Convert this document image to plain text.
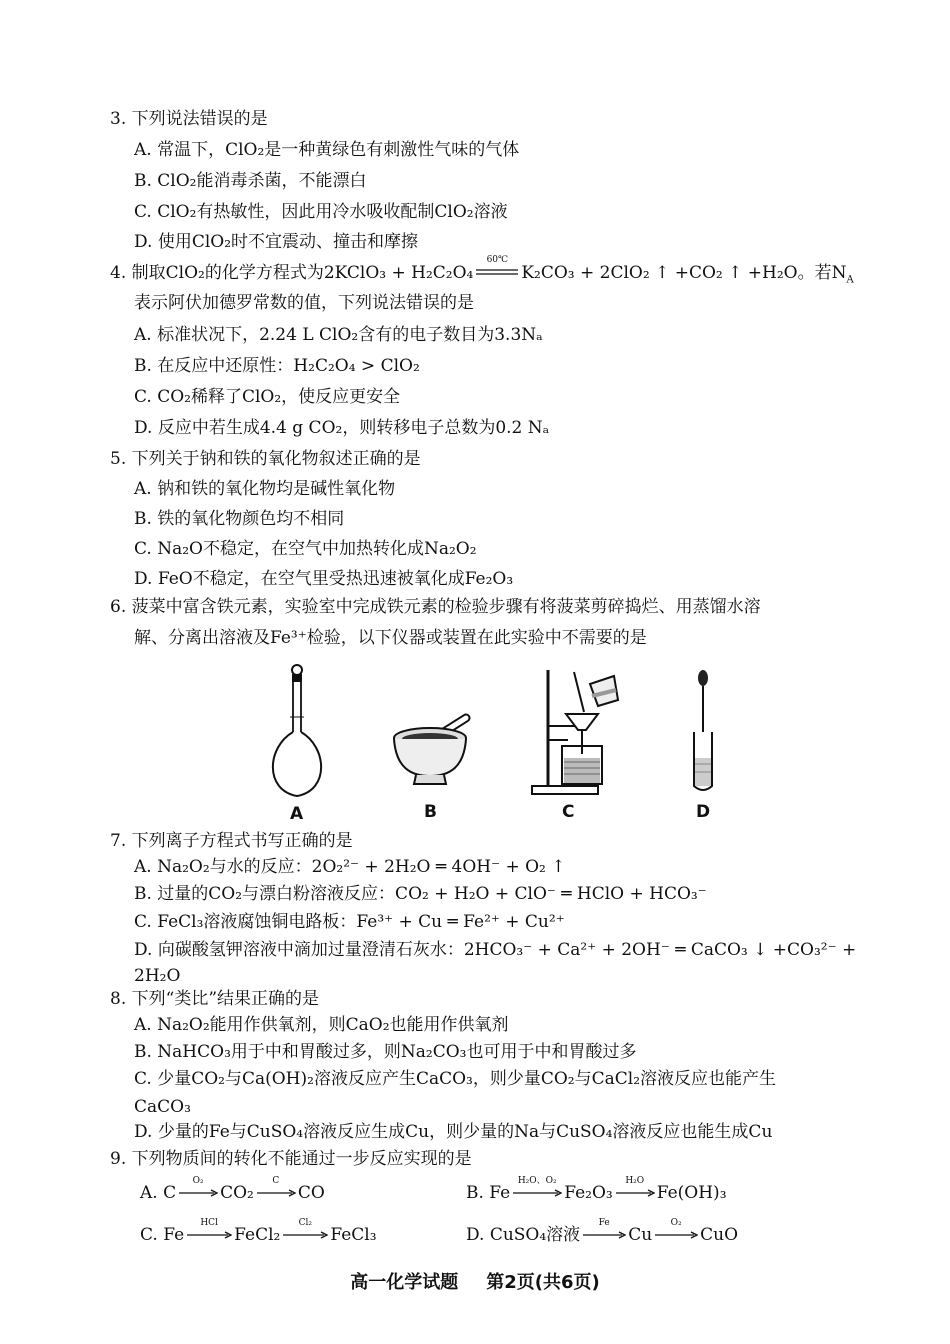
3. 下列说法错误的是
A. 常温下，ClO₂是一种黄绿色有刺激性气味的气体
B. ClO₂能消毒杀菌，不能漂白
C. ClO₂有热敏性，因此用冷水吸收配制ClO₂溶液
D. 使用ClO₂时不宜震动、撞击和摩擦
4. 制取ClO₂的化学方程式为2KClO₃ + H₂C₂O₄
60℃
K₂CO₃ + 2ClO₂ ↑ +CO₂ ↑ +H₂O。若$N_A$
表示阿伏加德罗常数的值，下列说法错误的是
A. 标准状况下，2.24 L ClO₂含有的电子数目为3.3Nₐ
B. 在反应中还原性：H₂C₂O₄ > ClO₂
C. CO₂稀释了ClO₂，使反应更安全
D. 反应中若生成4.4 g CO₂，则转移电子总数为0.2 Nₐ
5. 下列关于钠和铁的氧化物叙述正确的是
A. 钠和铁的氧化物均是碱性氧化物
B. 铁的氧化物颜色均不相同
C. Na₂O不稳定，在空气中加热转化成Na₂O₂
D. FeO不稳定，在空气里受热迅速被氧化成Fe₂O₃
6. 菠菜中富含铁元素，实验室中完成铁元素的检验步骤有将菠菜剪碎捣烂、用蒸馏水溶
解、分离出溶液及Fe³⁺检验，以下仪器或装置在此实验中不需要的是
A	B	C	D
7. 下列离子方程式书写正确的是
A. Na₂O₂与水的反应：2O₂²⁻ + 2H₂O ═ 4OH⁻ + O₂ ↑
B. 过量的CO₂与漂白粉溶液反应：CO₂ + H₂O + ClO⁻ ═ HClO + HCO₃⁻
C. FeCl₃溶液腐蚀铜电路板：Fe³⁺ + Cu ═ Fe²⁺ + Cu²⁺
D. 向碳酸氢钾溶液中滴加过量澄清石灰水：2HCO₃⁻ + Ca²⁺ + 2OH⁻ ═ CaCO₃ ↓ +CO₃²⁻ +
2H₂O
8. 下列“类比”结果正确的是
A. Na₂O₂能用作供氧剂，则CaO₂也能用作供氧剂
B. NaHCO₃用于中和胃酸过多，则Na₂CO₃也可用于中和胃酸过多
C. 少量CO₂与Ca(OH)₂溶液反应产生CaCO₃，则少量CO₂与CaCl₂溶液反应也能产生
CaCO₃
D. 少量的Fe与CuSO₄溶液反应生成Cu，则少量的Na与CuSO₄溶液反应也能生成Cu
9. 下列物质间的转化不能通过一步反应实现的是
A. C
O₂
CO₂
C
CO	B. Fe
H₂O、O₂
Fe₂O₃
H₂O
Fe(OH)₃
C. Fe
HCl
FeCl₂
Cl₂
FeCl₃	D. CuSO₄溶液
Fe
Cu
O₂
CuO
高一化学试题 第2页(共6页)
